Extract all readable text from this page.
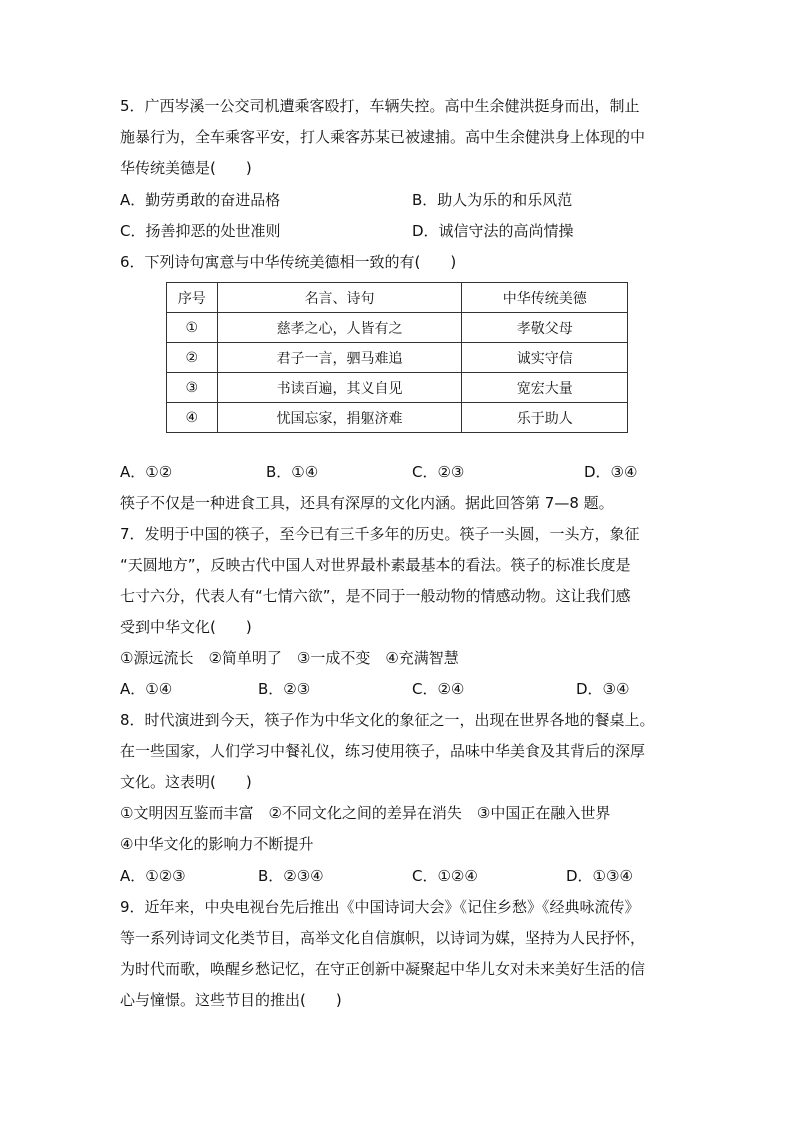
5．广西岑溪一公交司机遭乘客殴打，车辆失控。高中生余健洪挺身而出，制止
施暴行为，全车乘客平安，打人乘客苏某已被逮捕。高中生余健洪身上体现的中
华传统美德是(　　)
A．勤劳勇敢的奋进品格	B．助人为乐的和乐风范
C．扬善抑恶的处世准则	D．诚信守法的高尚情操
6．下列诗句寓意与中华传统美德相一致的有(　　)
序号	名言、诗句	中华传统美德
①	慈孝之心，人皆有之	孝敬父母
②	君子一言，驷马难追	诚实守信
③	书读百遍，其义自见	宽宏大量
④	忧国忘家，捐躯济难	乐于助人
A．①②	B．①④	C．②③	D．③④
筷子不仅是一种进食工具，还具有深厚的文化内涵。据此回答第 7—8 题。
7．发明于中国的筷子，至今已有三千多年的历史。筷子一头圆，一头方，象征
“天圆地方”，反映古代中国人对世界最朴素最基本的看法。筷子的标准长度是
七寸六分，代表人有“七情六欲”，是不同于一般动物的情感动物。这让我们感
受到中华文化(　　)
①源远流长　②简单明了　③一成不变　④充满智慧
A．①④	B．②③	C．②④	D．③④
8．时代演进到今天，筷子作为中华文化的象征之一，出现在世界各地的餐桌上。
在一些国家，人们学习中餐礼仪，练习使用筷子，品味中华美食及其背后的深厚
文化。这表明(　　)
①文明因互鉴而丰富　②不同文化之间的差异在消失　③中国正在融入世界
④中华文化的影响力不断提升
A．①②③	B．②③④	C．①②④	D．①③④
9．近年来，中央电视台先后推出《中国诗词大会》《记住乡愁》《经典咏流传》
等一系列诗词文化类节目，高举文化自信旗帜，以诗词为媒，坚持为人民抒怀，
为时代而歌，唤醒乡愁记忆，在守正创新中凝聚起中华儿女对未来美好生活的信
心与憧憬。这些节目的推出(　　)
